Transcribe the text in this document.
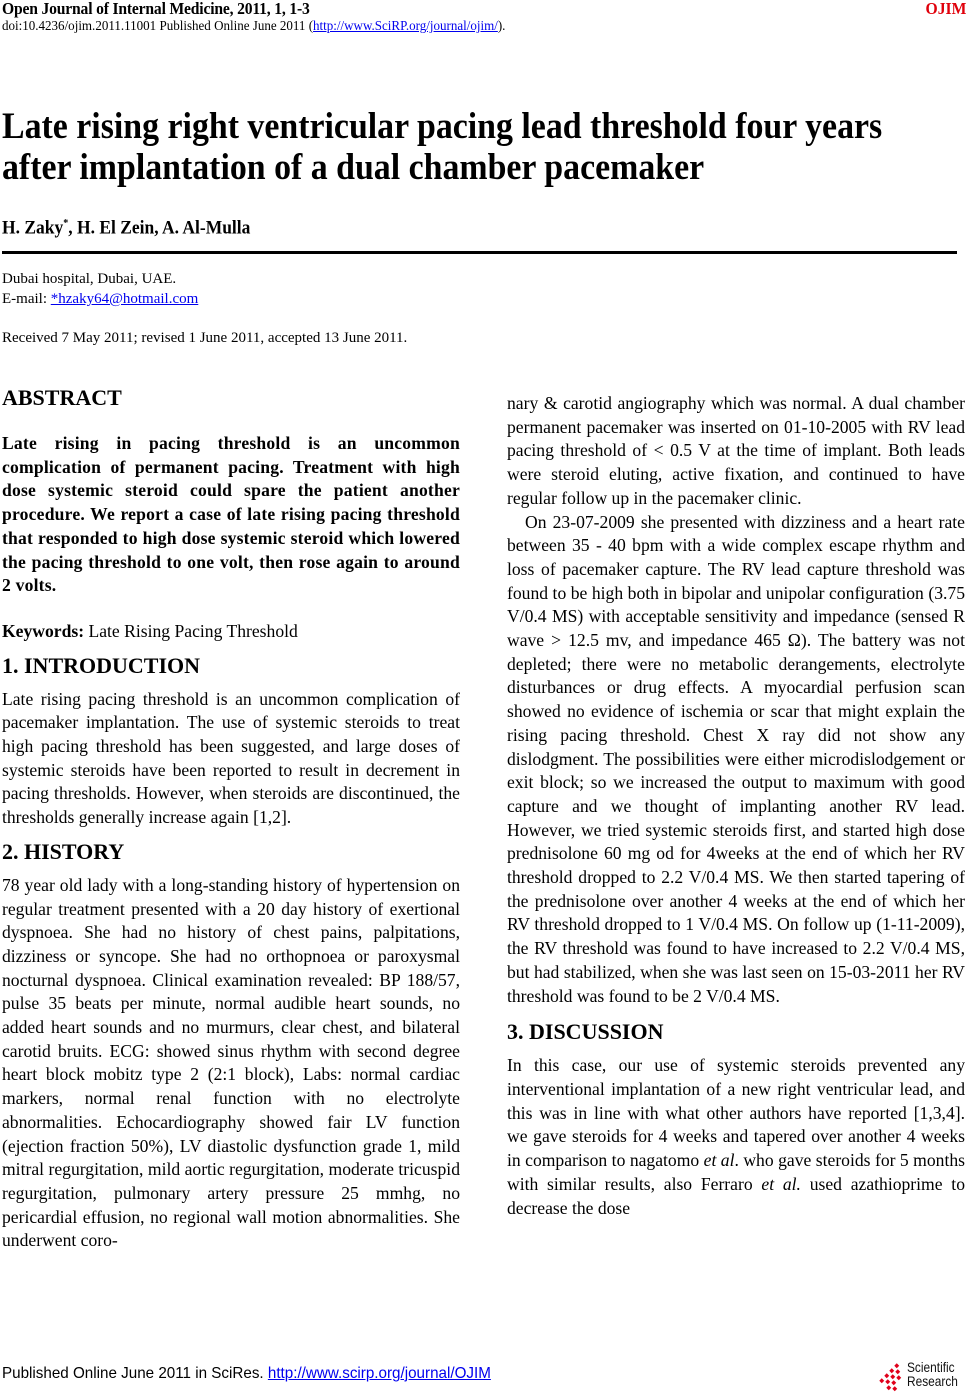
Open Journal of Internal Medicine, 2011, 1, 1-3	OJIM
doi:10.4236/ojim.2011.11001 Published Online June 2011 (http://www.SciRP.org/journal/ojim/).
Late rising right ventricular pacing lead threshold four years after implantation of a dual chamber pacemaker
H. Zaky*, H. El Zein, A. Al-Mulla
Dubai hospital, Dubai, UAE.
E-mail: *hzaky64@hotmail.com
Received 7 May 2011; revised 1 June 2011, accepted 13 June 2011.

ABSTRACT

Late rising in pacing threshold is an uncommon complication of permanent pacing. Treatment with high dose systemic steroid could spare the patient another procedure. We report a case of late rising pacing threshold that responded to high dose systemic steroid which lowered the pacing threshold to one volt, then rose again to around 2 volts.

Keywords: Late Rising Pacing Threshold

1. INTRODUCTION

Late rising pacing threshold is an uncommon complication of pacemaker implantation. The use of systemic steroids to treat high pacing threshold has been suggested, and large doses of systemic steroids have been reported to result in decrement in pacing thresholds. However, when steroids are discontinued, the thresholds generally increase again [1,2].

2. HISTORY

78 year old lady with a long-standing history of hypertension on regular treatment presented with a 20 day history of exertional dyspnoea. She had no history of chest pains, palpitations, dizziness or syncope. She had no orthopnoea or paroxysmal nocturnal dyspnoea. Clinical examination revealed: BP 188/57, pulse 35 beats per minute, normal audible heart sounds, no added heart sounds and no murmurs, clear chest, and bilateral carotid bruits. ECG: showed sinus rhythm with second degree heart block mobitz type 2 (2:1 block), Labs: normal cardiac markers, normal renal function with no electrolyte abnormalities. Echocardiography showed fair LV function (ejection fraction 50%), LV diastolic dysfunction grade 1, mild mitral regurgitation, mild aortic regurgitation, moderate tricuspid regurgitation, pulmonary artery pressure 25 mmhg, no pericardial effusion, no regional wall motion abnormalities. She underwent coro-

nary & carotid angiography which was normal. A dual chamber permanent pacemaker was inserted on 01-10-2005 with RV lead pacing threshold of < 0.5 V at the time of implant. Both leads were steroid eluting, active fixation, and continued to have regular follow up in the pacemaker clinic.

On 23-07-2009 she presented with dizziness and a heart rate between 35 - 40 bpm with a wide complex escape rhythm and loss of pacemaker capture. The RV lead capture threshold was found to be high both in bipolar and unipolar configuration (3.75 V/0.4 MS) with acceptable sensitivity and impedance (sensed R wave > 12.5 mv, and impedance 465 Ω). The battery was not depleted; there were no metabolic derangements, electrolyte disturbances or drug effects. A myocardial perfusion scan showed no evidence of ischemia or scar that might explain the rising pacing threshold. Chest X ray did not show any dislodgment. The possibilities were either microdislodgement or exit block; so we increased the output to maximum with good capture and we thought of implanting another RV lead. However, we tried systemic steroids first, and started high dose prednisolone 60 mg od for 4weeks at the end of which her RV threshold dropped to 2.2 V/0.4 MS. We then started tapering of the prednisolone over another 4 weeks at the end of which her RV threshold dropped to 1 V/0.4 MS. On follow up (1-11-2009), the RV threshold was found to have increased to 2.2 V/0.4 MS, but had stabilized, when she was last seen on 15-03-2011 her RV threshold was found to be 2 V/0.4 MS.

3. DISCUSSION

In this case, our use of systemic steroids prevented any interventional implantation of a new right ventricular lead, and this was in line with what other authors have reported [1,3,4]. we gave steroids for 4 weeks and tapered over another 4 weeks in comparison to nagatomo et al. who gave steroids for 5 months with similar results, also Ferraro et al. used azathioprime to decrease the dose

Published Online June 2011 in SciRes. http://www.scirp.org/journal/OJIM	Scientific
Research
